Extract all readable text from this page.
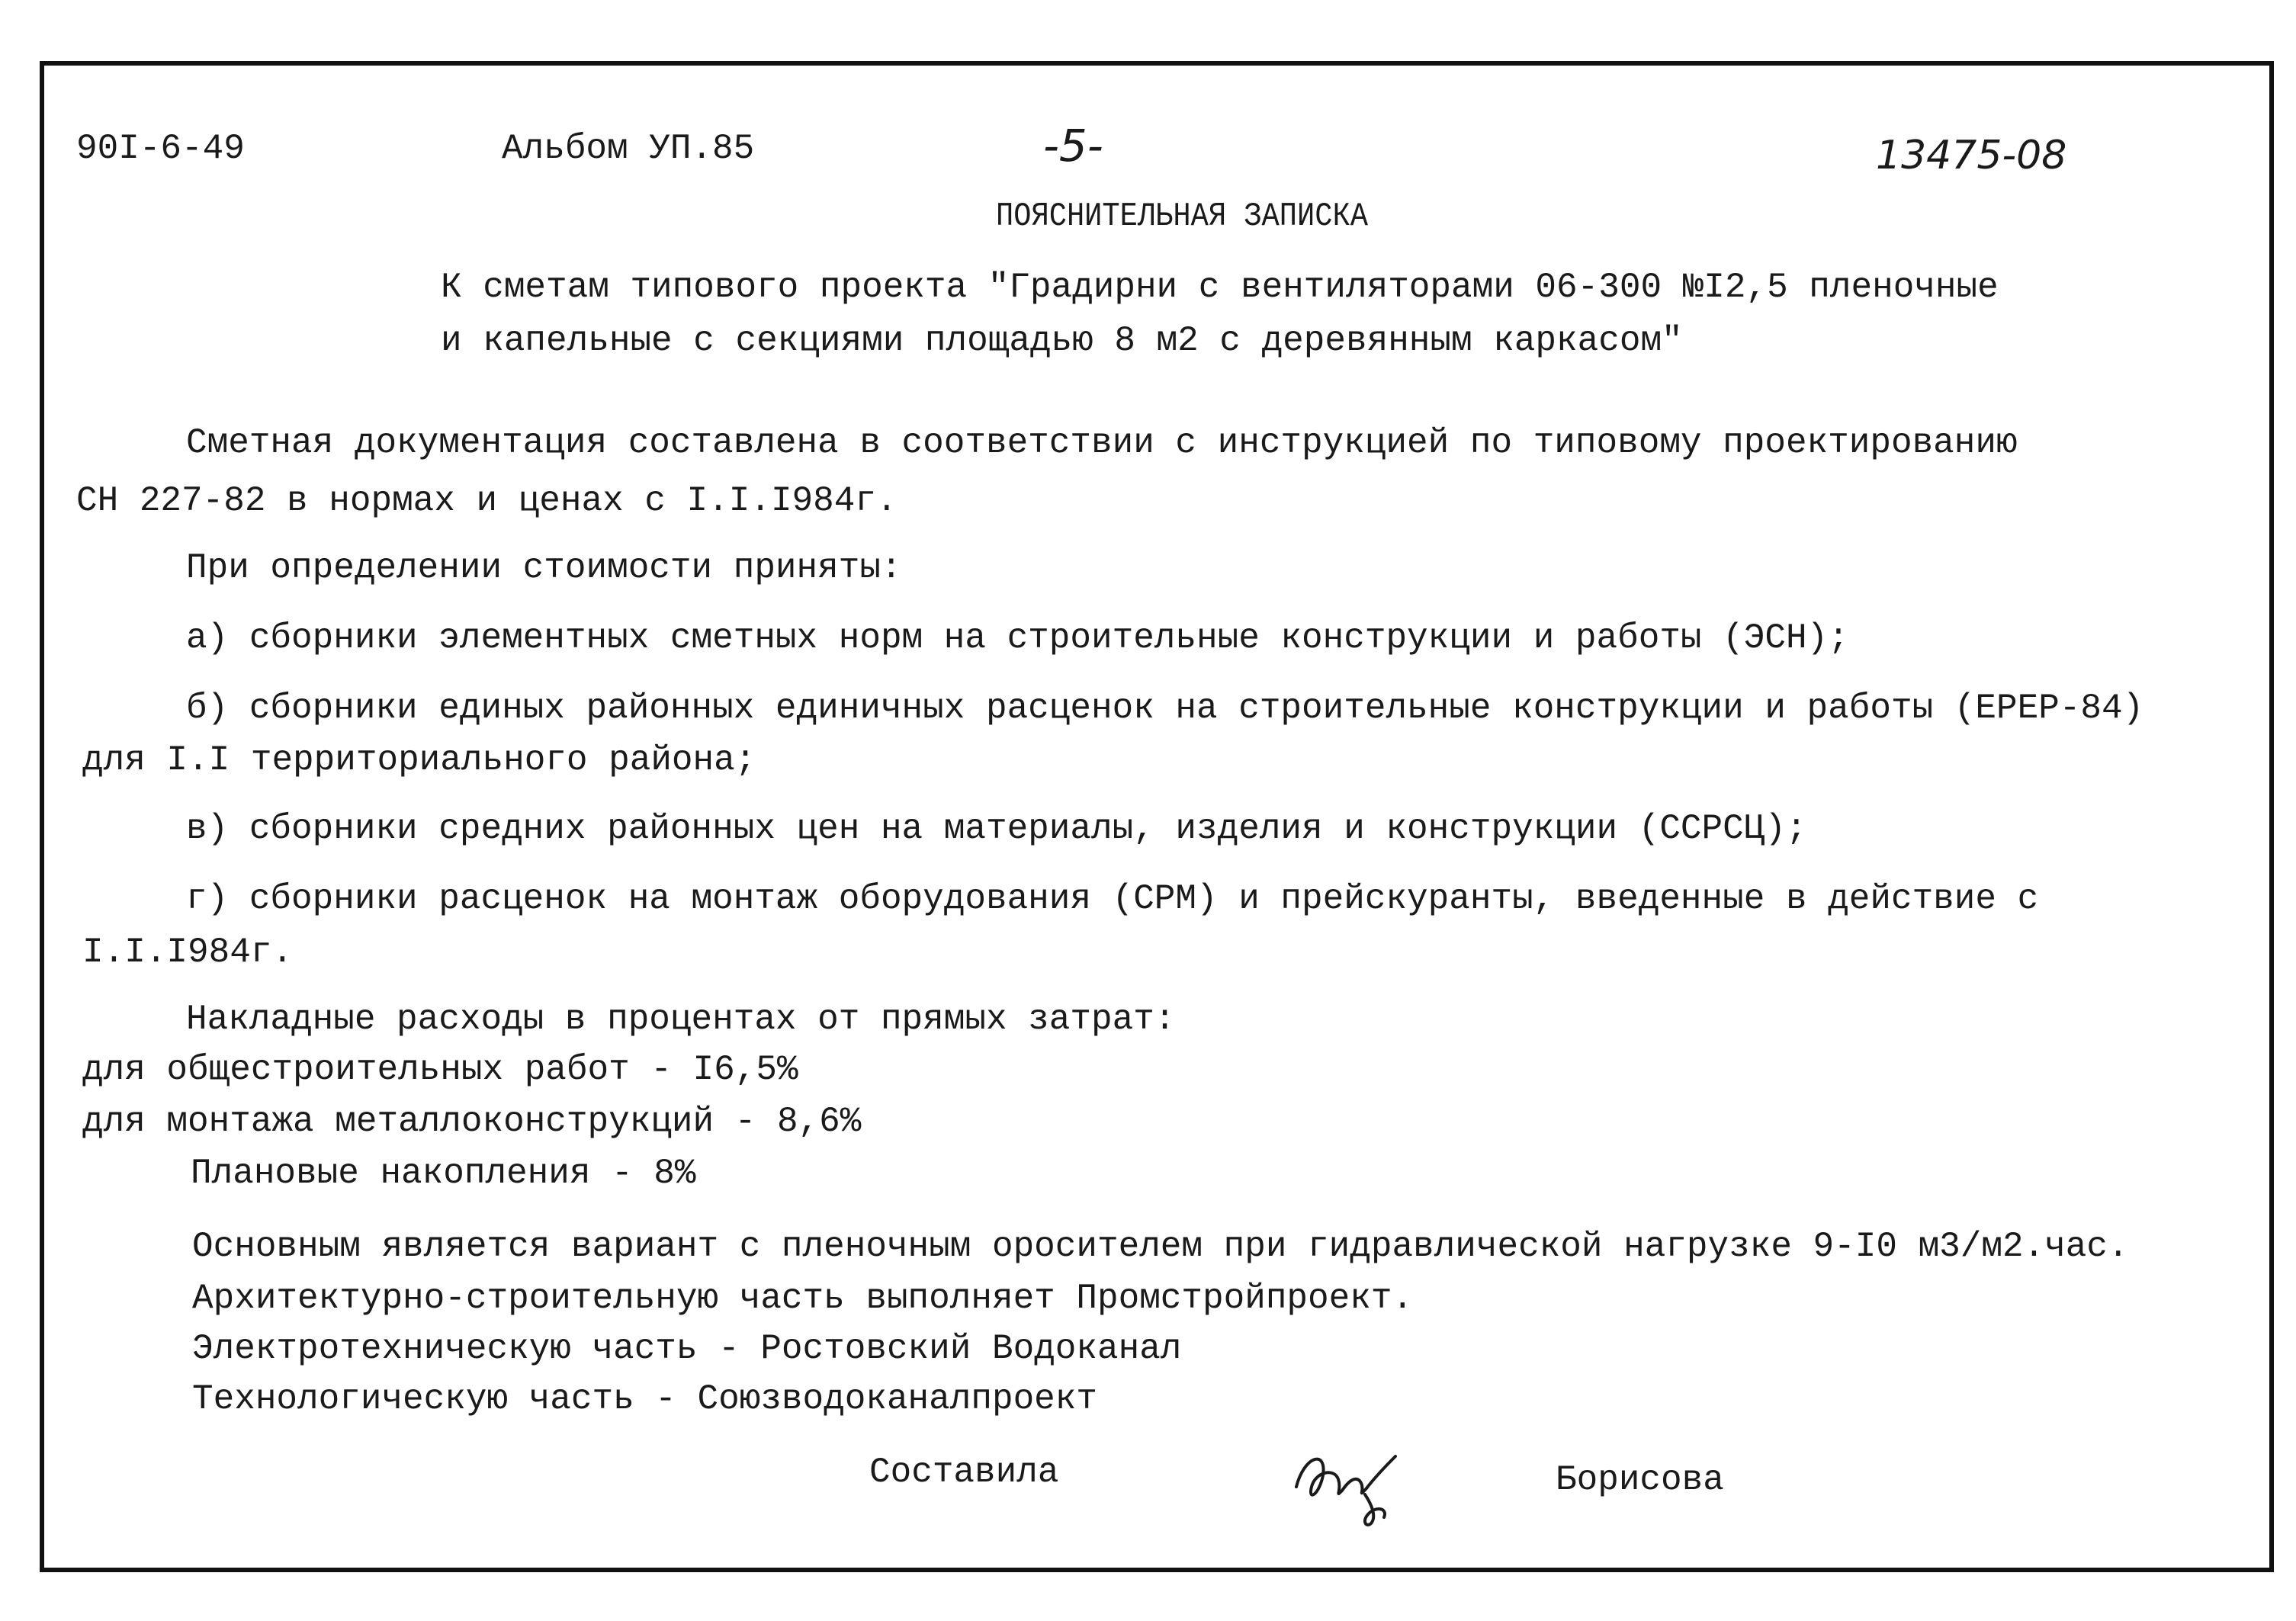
90I-6-49	Альбом УП.85	-5-	13475-08
ПОЯСНИТЕЛЬНАЯ ЗАПИСКА
К сметам типового проекта "Градирни с вентиляторами 06-300 №I2,5 пленочные
и капельные с секциями площадью 8 м2 с деревянным каркасом"
Сметная документация составлена в соответствии с инструкцией по типовому проектированию
СН 227-82 в нормах и ценах с I.I.I984г.
При определении стоимости приняты:
а) сборники элементных сметных норм на строительные конструкции и работы (ЭСН);
б) сборники единых районных единичных расценок на строительные конструкции и работы (ЕРЕР-84)
для I.I территориального района;
в) сборники средних районных цен на материалы, изделия и конструкции (ССРСЦ);
г) сборники расценок на монтаж оборудования (СРМ) и прейскуранты, введенные в действие с
I.I.I984г.
Накладные расходы в процентах от прямых затрат:
для общестроительных работ - I6,5%
для монтажа металлоконструкций - 8,6%
Плановые накопления - 8%
Основным является вариант с пленочным оросителем при гидравлической нагрузке 9-I0 м3/м2.час.
Архитектурно-строительную часть выполняет Промстройпроект.
Электротехническую часть - Ростовский Водоканал
Технологическую часть - Союзводоканалпроект
Составила	Борисова
